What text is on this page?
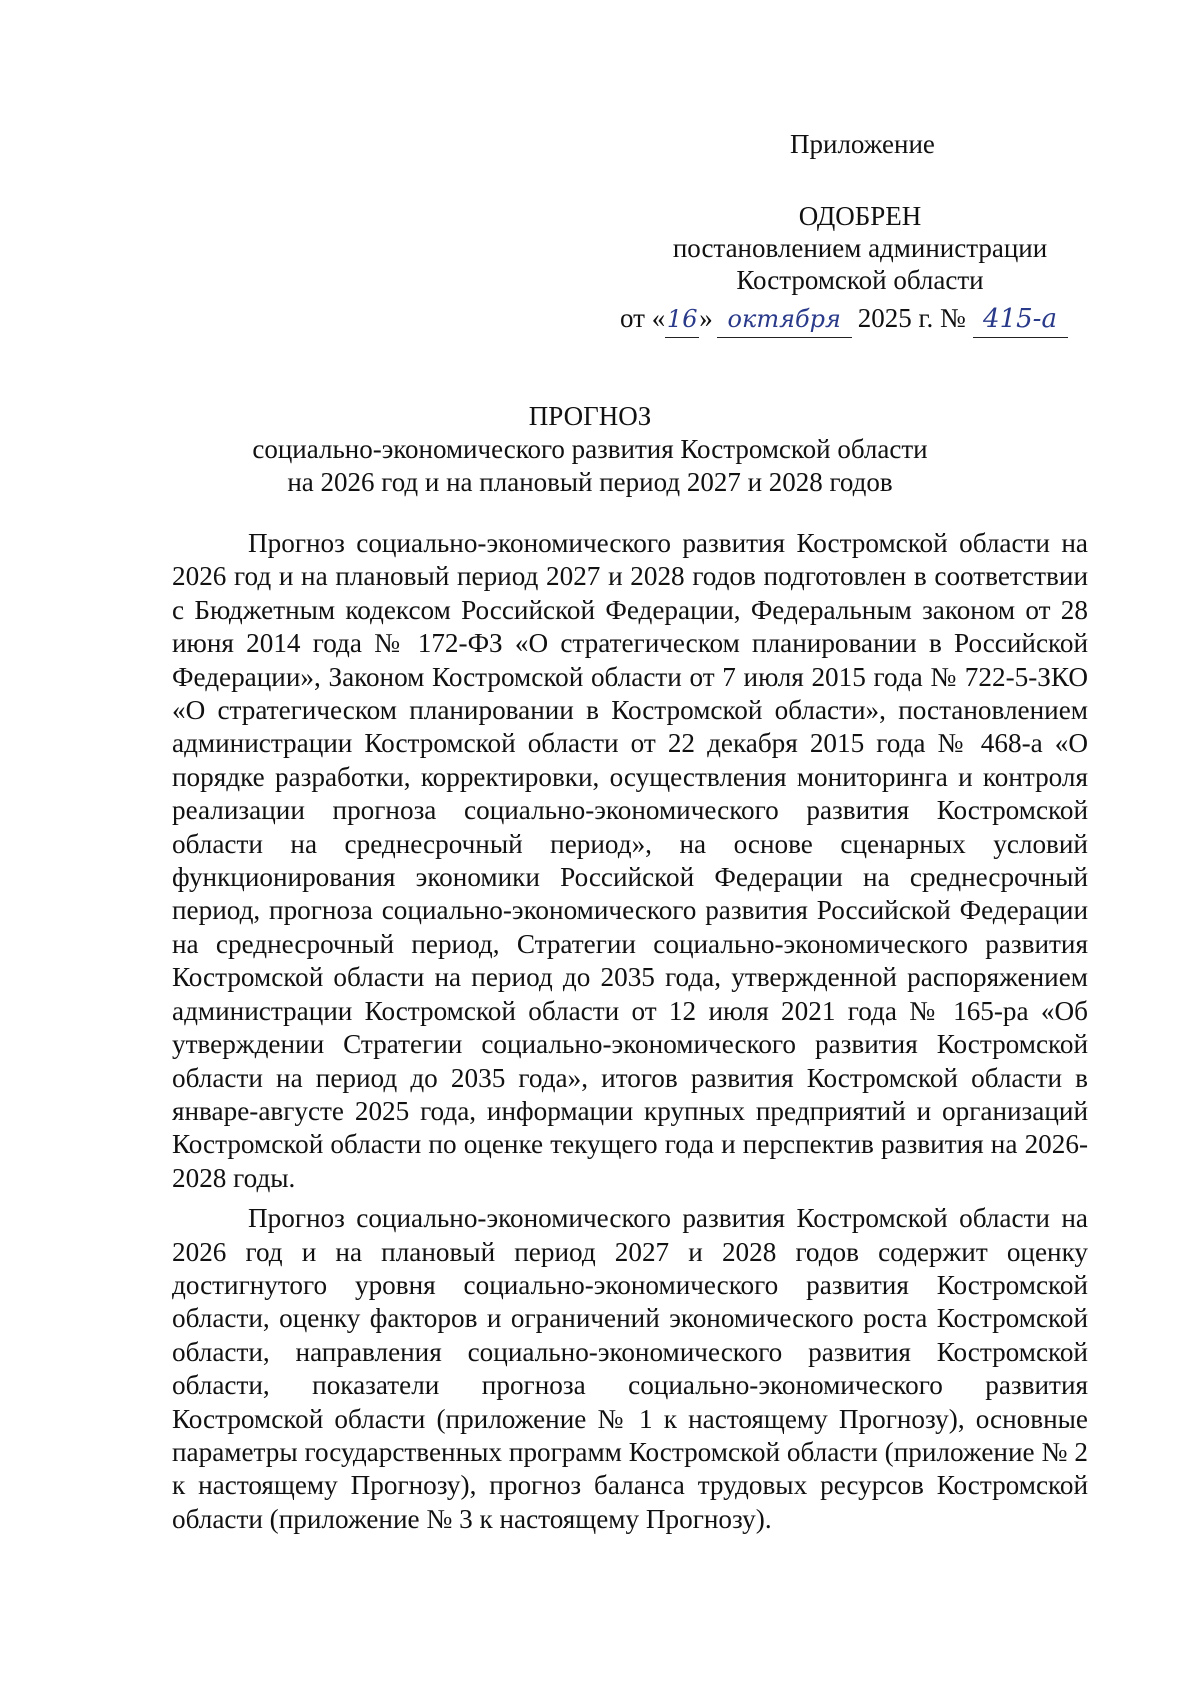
Приложение
ОДОБРЕН
постановлением администрации
Костромской области
от «16» октября 2025 г. № 415-а
ПРОГНОЗ
социально-экономического развития Костромской области
на 2026 год и на плановый период 2027 и 2028 годов

Прогноз социально-экономического развития Костромской области на 2026 год и на плановый период 2027 и 2028 годов подготовлен в соответствии с Бюджетным кодексом Российской Федерации, Федеральным законом от 28 июня 2014 года № 172-ФЗ «О стратегическом планировании в Российской Федерации», Законом Костромской области от 7 июля 2015 года № 722-5-ЗКО «О стратегическом планировании в Костромской области», постановлением администрации Костромской области от 22 декабря 2015 года № 468-а «О порядке разработки, корректировки, осуществления мониторинга и контроля реализации прогноза социально-экономического развития Костромской области на среднесрочный период», на основе сценарных условий функционирования экономики Российской Федерации на среднесрочный период, прогноза социально-экономического развития Российской Федерации на среднесрочный период, Стратегии социально-экономического развития Костромской области на период до 2035 года, утвержденной распоряжением администрации Костромской области от 12 июля 2021 года № 165-ра «Об утверждении Стратегии социально-экономического развития Костромской области на период до 2035 года», итогов развития Костромской области в январе-августе 2025 года, информации крупных предприятий и организаций Костромской области по оценке текущего года и перспектив развития на 2026-2028 годы.

Прогноз социально-экономического развития Костромской области на 2026 год и на плановый период 2027 и 2028 годов содержит оценку достигнутого уровня социально-экономического развития Костромской области, оценку факторов и ограничений экономического роста Костромской области, направления социально-экономического развития Костромской области, показатели прогноза социально-экономического развития Костромской области (приложение № 1 к настоящему Прогнозу), основные параметры государственных программ Костромской области (приложение № 2 к настоящему Прогнозу), прогноз баланса трудовых ресурсов Костромской области (приложение № 3 к настоящему Прогнозу).
